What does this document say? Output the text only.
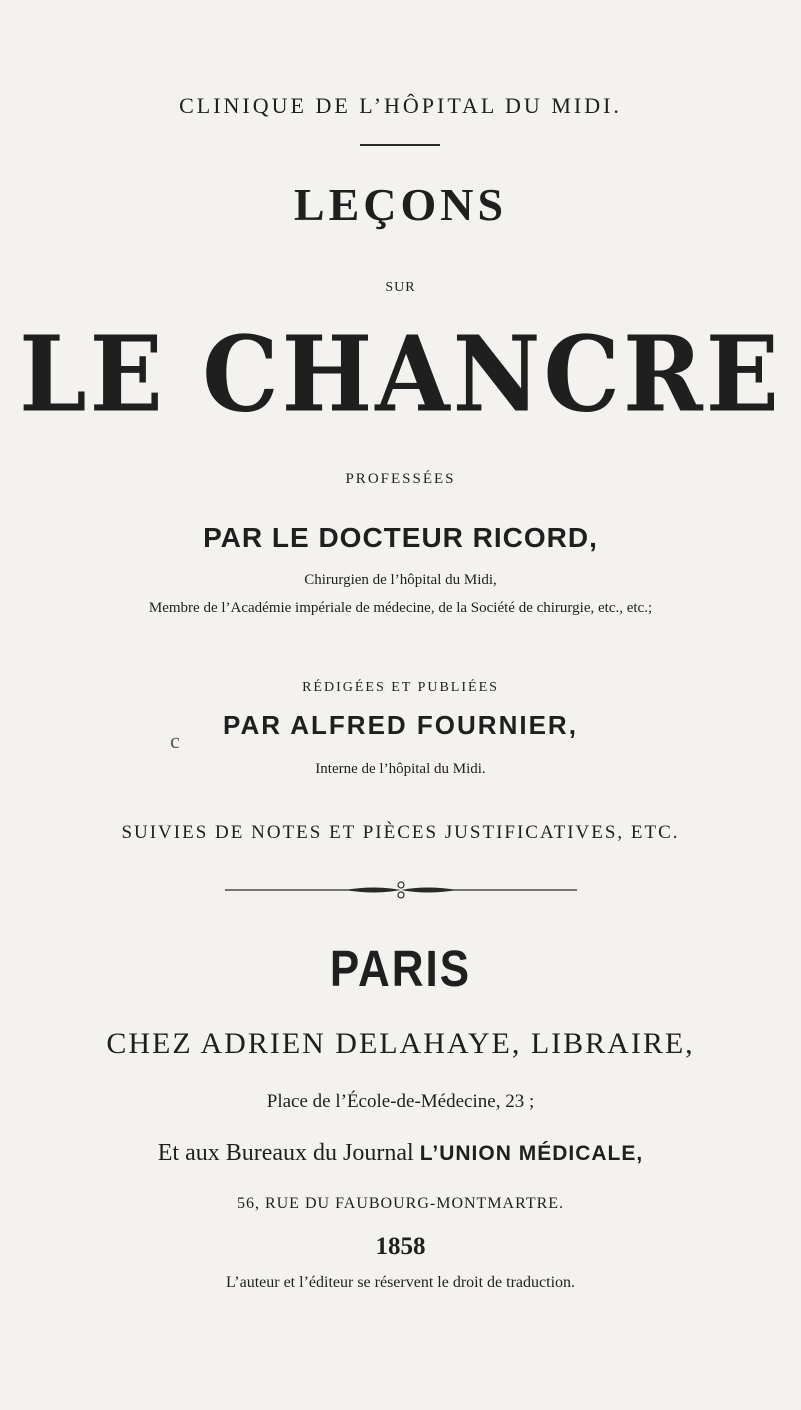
CLINIQUE DE L’HÔPITAL DU MIDI.
LEÇONS
SUR
LE CHANCRE
PROFESSÉES
PAR LE DOCTEUR RICORD,
Chirurgien de l’hôpital du Midi,
Membre de l’Académie impériale de médecine, de la Société de chirurgie, etc., etc.;
RÉDIGÉES ET PUBLIÉES
PAR ALFRED FOURNIER,
c
Interne de l’hôpital du Midi.
SUIVIES DE NOTES ET PIÈCES JUSTIFICATIVES, ETC.
PARIS
CHEZ ADRIEN DELAHAYE, LIBRAIRE,
Place de l’École-de-Médecine, 23 ;
Et aux Bureaux du Journal L’UNION MÉDICALE,
56, RUE DU FAUBOURG-MONTMARTRE.
1858
L’auteur et l’éditeur se réservent le droit de traduction.
